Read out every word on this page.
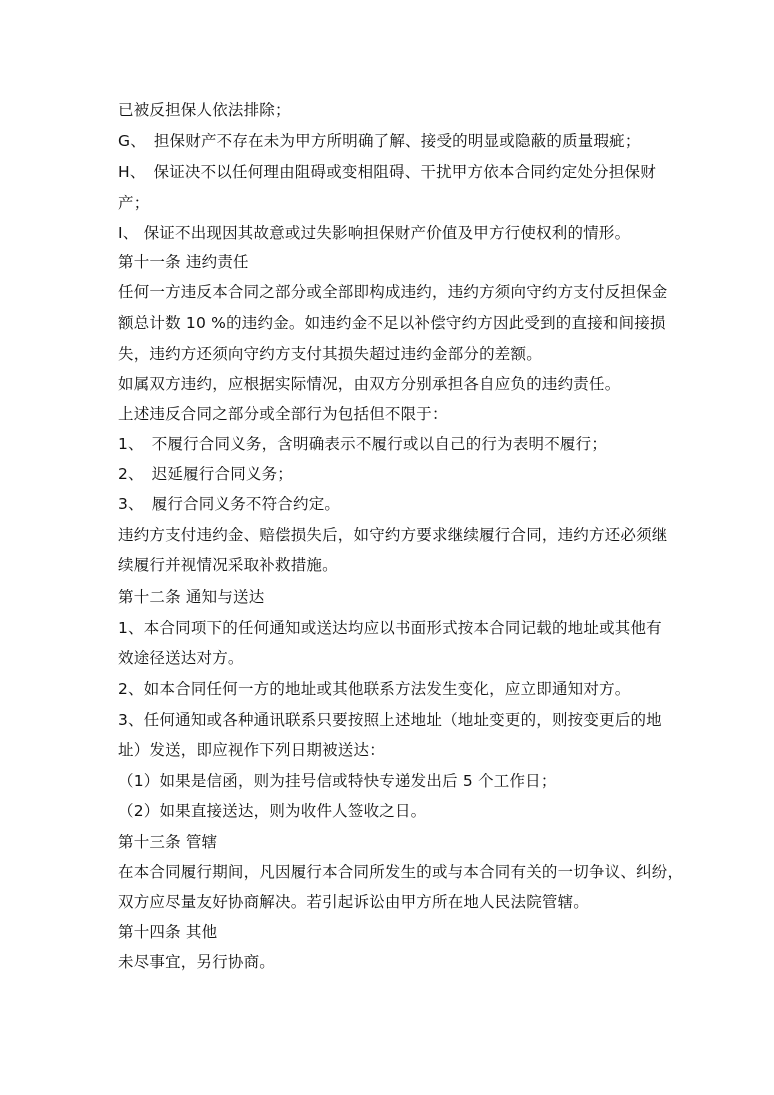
已被反担保人依法排除；
G、　担保财产不存在未为甲方所明确了解、接受的明显或隐蔽的质量瑕疵；
H、　保证决不以任何理由阻碍或变相阻碍、干扰甲方依本合同约定处分担保财
产；
I、 保证不出现因其故意或过失影响担保财产价值及甲方行使权利的情形。
第十一条 违约责任
任何一方违反本合同之部分或全部即构成违约，违约方须向守约方支付反担保金
额总计数 10 %的违约金。如违约金不足以补偿守约方因此受到的直接和间接损
失，违约方还须向守约方支付其损失超过违约金部分的差额。
如属双方违约，应根据实际情况，由双方分别承担各自应负的违约责任。
上述违反合同之部分或全部行为包括但不限于：
1、　不履行合同义务，含明确表示不履行或以自己的行为表明不履行；
2、　迟延履行合同义务；
3、　履行合同义务不符合约定。
违约方支付违约金、赔偿损失后，如守约方要求继续履行合同，违约方还必须继
续履行并视情况采取补救措施。
第十二条 通知与送达
1、本合同项下的任何通知或送达均应以书面形式按本合同记载的地址或其他有
效途径送达对方。
2、如本合同任何一方的地址或其他联系方法发生变化，应立即通知对方。
3、任何通知或各种通讯联系只要按照上述地址（地址变更的，则按变更后的地
址）发送，即应视作下列日期被送达：
（1）如果是信函，则为挂号信或特快专递发出后 5 个工作日；
（2）如果直接送达，则为收件人签收之日。
第十三条 管辖
在本合同履行期间，凡因履行本合同所发生的或与本合同有关的一切争议、纠纷，
双方应尽量友好协商解决。若引起诉讼由甲方所在地人民法院管辖。
第十四条 其他
未尽事宜，另行协商。
